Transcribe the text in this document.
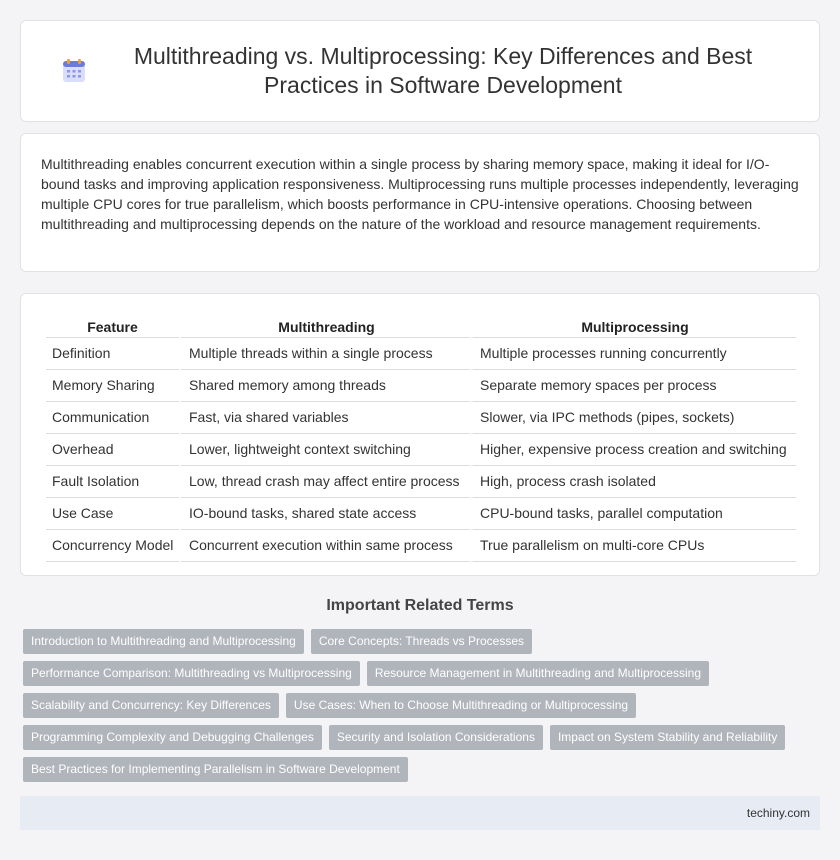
Multithreading vs. Multiprocessing: Key Differences and Best Practices in Software Development

Multithreading enables concurrent execution within a single process by sharing memory space, making it ideal for I/O-bound tasks and improving application responsiveness. Multiprocessing runs multiple processes independently, leveraging multiple CPU cores for true parallelism, which boosts performance in CPU-intensive operations. Choosing between multithreading and multiprocessing depends on the nature of the workload and resource management requirements.

Feature	Multithreading	Multiprocessing
Definition	Multiple threads within a single process	Multiple processes running concurrently
Memory Sharing	Shared memory among threads	Separate memory spaces per process
Communication	Fast, via shared variables	Slower, via IPC methods (pipes, sockets)
Overhead	Lower, lightweight context switching	Higher, expensive process creation and switching
Fault Isolation	Low, thread crash may affect entire process	High, process crash isolated
Use Case	IO-bound tasks, shared state access	CPU-bound tasks, parallel computation
Concurrency Model	Concurrent execution within same process	True parallelism on multi-core CPUs
Important Related Terms
Introduction to Multithreading and Multiprocessing	Core Concepts: Threads vs Processes
Performance Comparison: Multithreading vs Multiprocessing	Resource Management in Multithreading and Multiprocessing
Scalability and Concurrency: Key Differences	Use Cases: When to Choose Multithreading or Multiprocessing
Programming Complexity and Debugging Challenges	Security and Isolation Considerations	Impact on System Stability and Reliability
Best Practices for Implementing Parallelism in Software Development
techiny.com
